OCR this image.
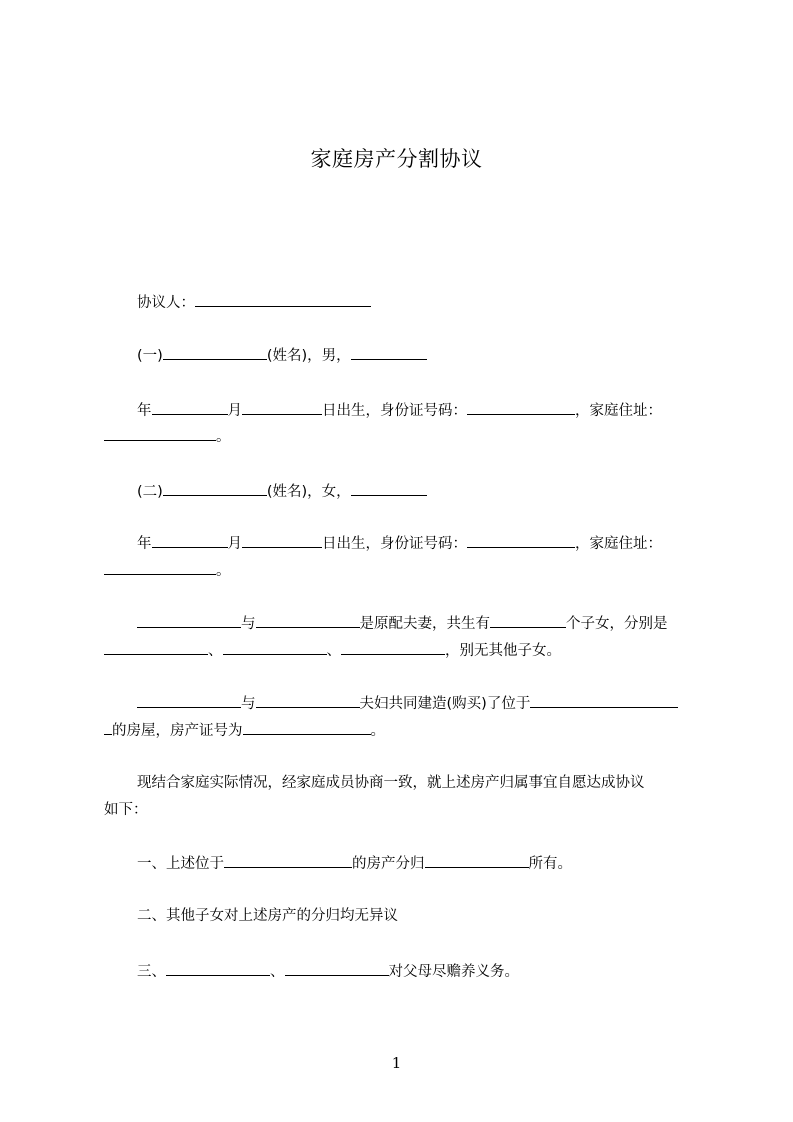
家庭房产分割协议
协议人：
(一)	(姓名)，男，
年	月	日出生，身份证号码：	，家庭住址：
。
(二)	(姓名)，女，
年	月	日出生，身份证号码：	，家庭住址：
。
与	是原配夫妻，共生有	个子女，分别是
、	、	，别无其他子女。
与	夫妇共同建造(购买)了位于
的房屋，房产证号为	。
现结合家庭实际情况，经家庭成员协商一致，就上述房产归属事宜自愿达成协议
如下：
一、上述位于	的房产分归	所有。
二、其他子女对上述房产的分归均无异议
三、	、	对父母尽赡养义务。
1
